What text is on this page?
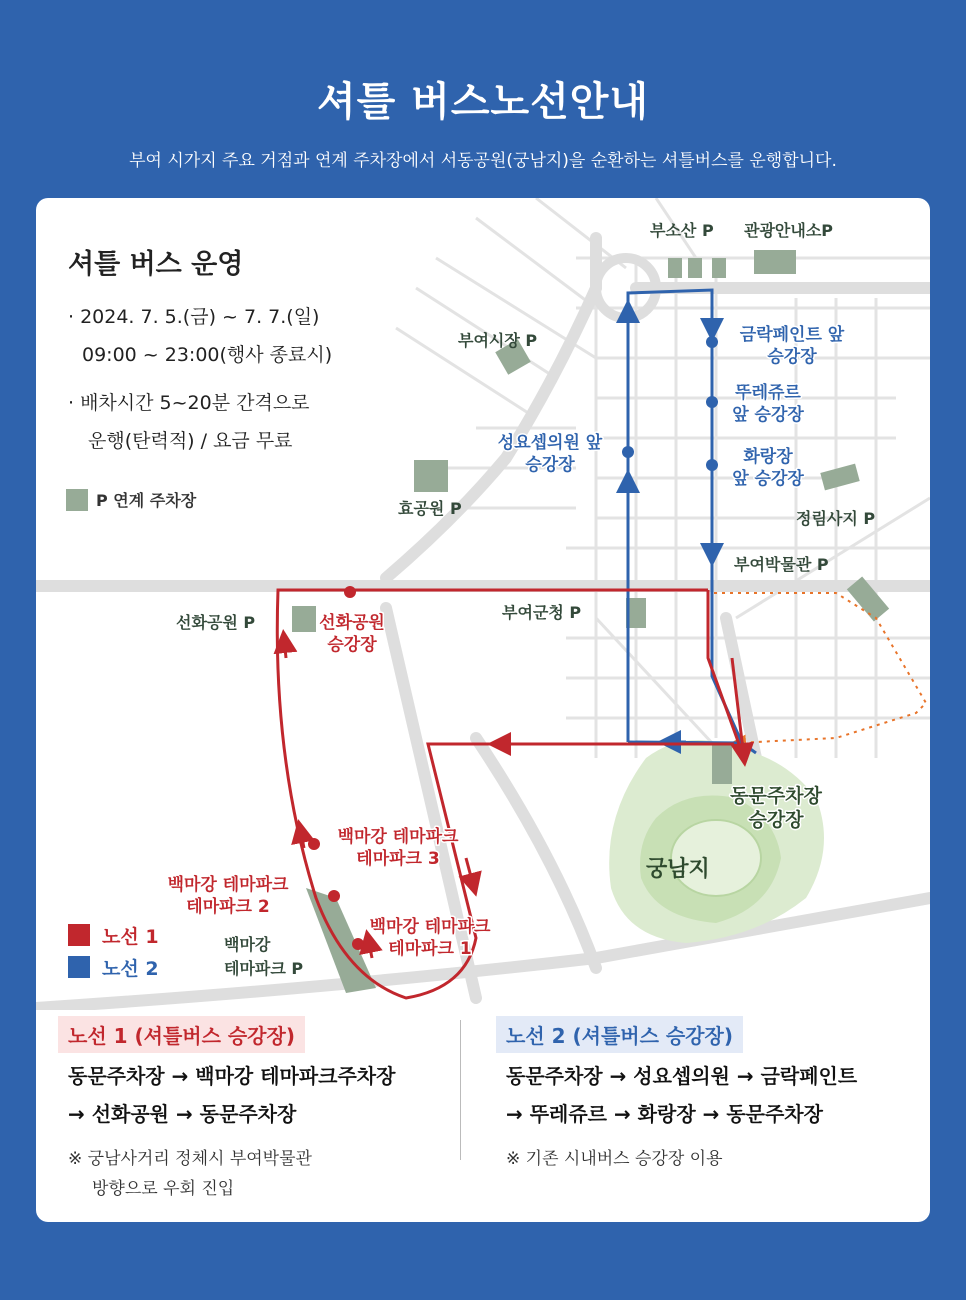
셔틀 버스노선안내
부여 시가지 주요 거점과 연계 주차장에서 서동공원(궁남지)을 순환하는 셔틀버스를 운행합니다.
부소산 P 관광안내소P
부여시장 P
효공원 P
정림사지 P
부여박물관 P
선화공원 P
부여군청 P
백마강
테마파크 P
궁남지
금락페인트 앞
승강장
뚜레쥬르
앞 승강장
화랑장
앞 승강장
성요셉의원 앞
승강장
선화공원
승강장
백마강 테마파크
테마파크 3
백마강 테마파크
테마파크 2
백마강 테마파크
테마파크 1
동문주차장
승강장
셔틀 버스 운영
· 2024. 7. 5.(금) ~ 7. 7.(일)
09:00 ~ 23:00(행사 종료시)
· 배차시간 5~20분 간격으로
운행(탄력적) / 요금 무료
P 연계 주차장
노선 1
노선 2
노선 1 (셔틀버스 승강장)
동문주차장 → 백마강 테마파크주차장
→ 선화공원 → 동문주차장
※ 궁남사거리 정체시 부여박물관
방향으로 우회 진입
노선 2 (셔틀버스 승강장)
동문주차장 → 성요셉의원 → 금락페인트
→ 뚜레쥬르 → 화랑장 → 동문주차장
※ 기존 시내버스 승강장 이용
